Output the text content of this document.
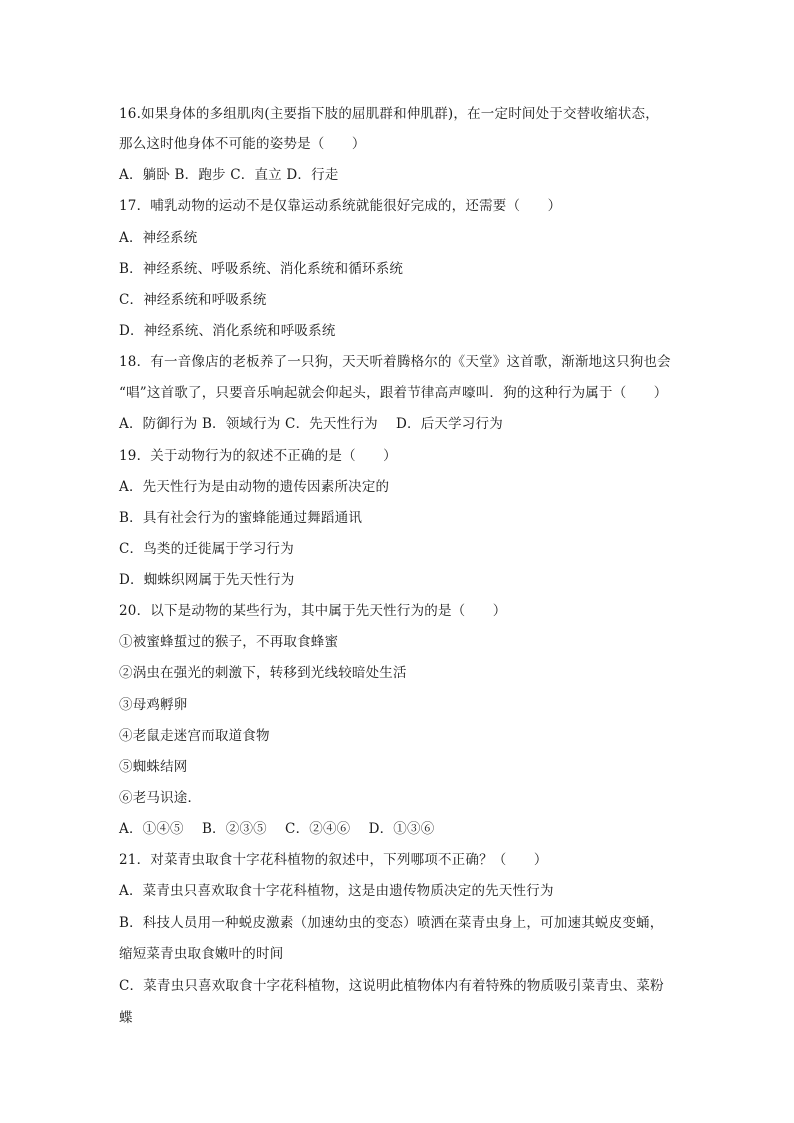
16.如果身体的多组肌肉(主要指下肢的屈肌群和伸肌群)，在一定时间处于交替收缩状态，
那么这时他身体不可能的姿势是（　　）
A．躺卧 B．跑步 C．直立 D．行走
17．哺乳动物的运动不是仅靠运动系统就能很好完成的，还需要（　　）
A．神经系统
B．神经系统、呼吸系统、消化系统和循环系统
C．神经系统和呼吸系统
D．神经系统、消化系统和呼吸系统
18．有一音像店的老板养了一只狗，天天听着腾格尔的《天堂》这首歌，渐渐地这只狗也会
“唱”这首歌了，只要音乐响起就会仰起头，跟着节律高声嚎叫．狗的这种行为属于（　　）
A．防御行为 B．领域行为 C．先天性行为　 D．后天学习行为
19．关于动物行为的叙述不正确的是（　　）
A．先天性行为是由动物的遗传因素所决定的
B．具有社会行为的蜜蜂能通过舞蹈通讯
C．鸟类的迁徙属于学习行为
D．蜘蛛织网属于先天性行为
20．以下是动物的某些行为，其中属于先天性行为的是（　　）
①被蜜蜂蜇过的猴子，不再取食蜂蜜
②涡虫在强光的刺激下，转移到光线较暗处生活
③母鸡孵卵
④老鼠走迷宫而取道食物
⑤蜘蛛结网
⑥老马识途．
A．①④⑤　 B．②③⑤　 C．②④⑥　 D．①③⑥
21．对菜青虫取食十字花科植物的叙述中，下列哪项不正确？（　　）
A．菜青虫只喜欢取食十字花科植物，这是由遗传物质决定的先天性行为
B．科技人员用一种蜕皮激素（加速幼虫的变态）喷洒在菜青虫身上，可加速其蜕皮变蛹，
缩短菜青虫取食嫩叶的时间
C．菜青虫只喜欢取食十字花科植物，这说明此植物体内有着特殊的物质吸引菜青虫、菜粉
蝶
